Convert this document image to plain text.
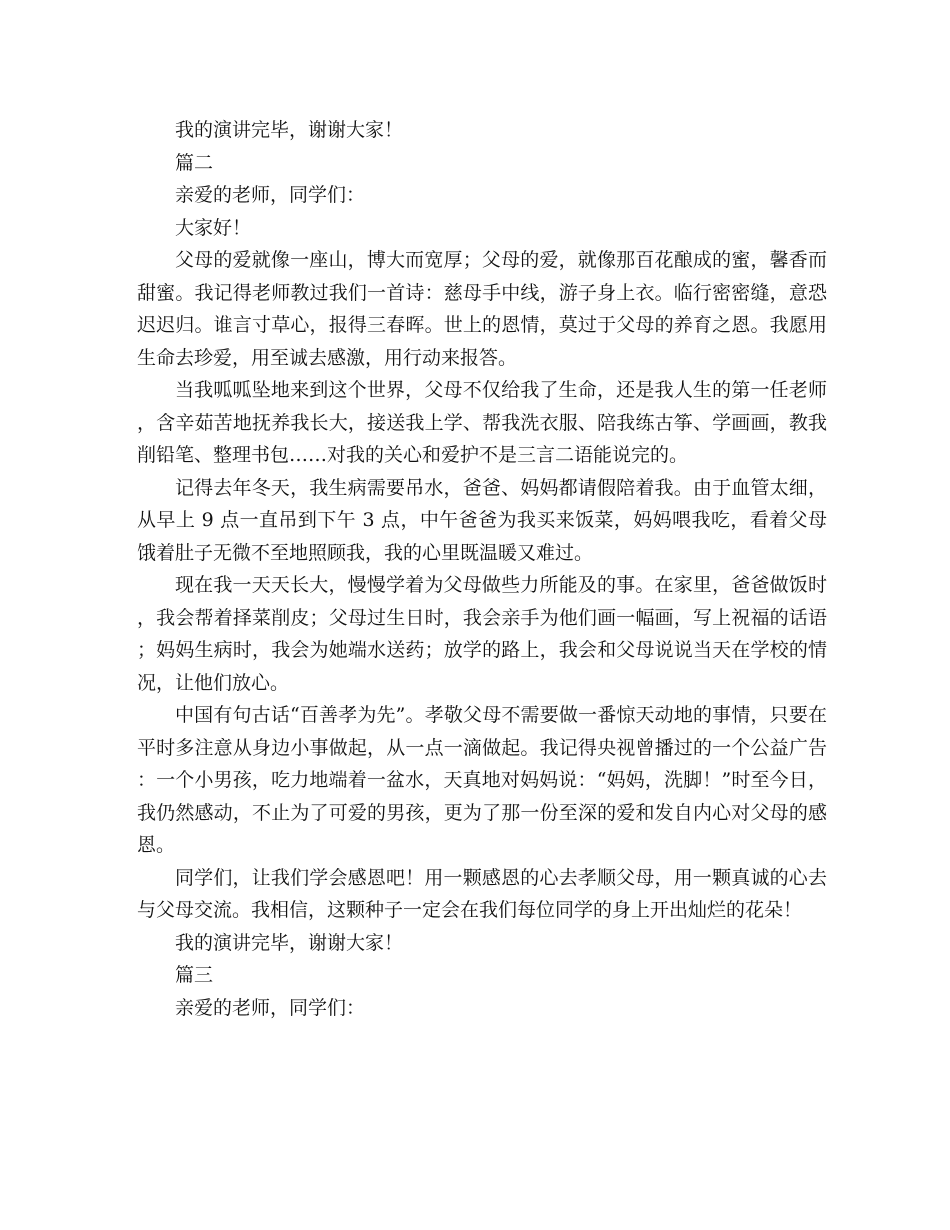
我的演讲完毕，谢谢大家！

篇二

亲爱的老师，同学们：

大家好！

父母的爱就像一座山，博大而宽厚；父母的爱，就像那百花酿成的蜜，馨香而甜蜜。我记得老师教过我们一首诗：慈母手中线，游子身上衣。临行密密缝，意恐迟迟归。谁言寸草心，报得三春晖。世上的恩情，莫过于父母的养育之恩。我愿用生命去珍爱，用至诚去感激，用行动来报答。

当我呱呱坠地来到这个世界，父母不仅给我了生命，还是我人生的第一任老师，含辛茹苦地抚养我长大，接送我上学、帮我洗衣服、陪我练古筝、学画画，教我削铅笔、整理书包……对我的关心和爱护不是三言二语能说完的。

记得去年冬天，我生病需要吊水，爸爸、妈妈都请假陪着我。由于血管太细，从早上 9 点一直吊到下午 3 点，中午爸爸为我买来饭菜，妈妈喂我吃，看着父母饿着肚子无微不至地照顾我，我的心里既温暖又难过。

现在我一天天长大，慢慢学着为父母做些力所能及的事。在家里，爸爸做饭时，我会帮着择菜削皮；父母过生日时，我会亲手为他们画一幅画，写上祝福的话语；妈妈生病时，我会为她端水送药；放学的路上，我会和父母说说当天在学校的情况，让他们放心。

中国有句古话“百善孝为先”。孝敬父母不需要做一番惊天动地的事情，只要在平时多注意从身边小事做起，从一点一滴做起。我记得央视曾播过的一个公益广告：一个小男孩，吃力地端着一盆水，天真地对妈妈说：“妈妈，洗脚！”时至今日，我仍然感动，不止为了可爱的男孩，更为了那一份至深的爱和发自内心对父母的感恩。

同学们，让我们学会感恩吧！用一颗感恩的心去孝顺父母，用一颗真诚的心去与父母交流。我相信，这颗种子一定会在我们每位同学的身上开出灿烂的花朵！

我的演讲完毕，谢谢大家！

篇三

亲爱的老师，同学们：
